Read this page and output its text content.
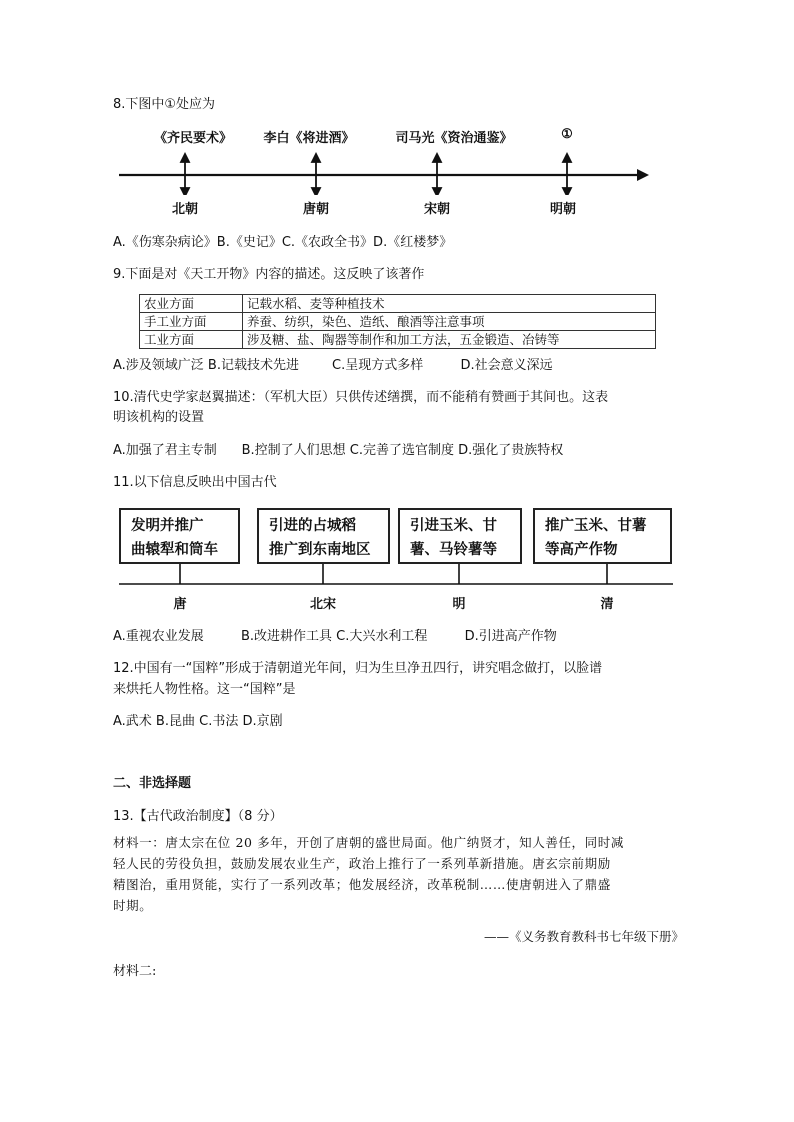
8.下图中①处应为
《齐民要术》 李白《将进酒》	司马光《资治通鉴》	①
北朝	唐朝	宋朝	明朝
A.《伤寒杂病论》B.《史记》C.《农政全书》D.《红楼梦》
9.下面是对《天工开物》内容的描述。这反映了该著作
农业方面	记载水稻、麦等种植技术
手工业方面	养蚕、纺织，染色、造纸、酿酒等注意事项
工业方面	涉及糖、盐、陶器等制作和加工方法，五金锻造、冶铸等
A.涉及领域广泛 B.记载技术先进        C.呈现方式多样         D.社会意义深远
10.清代史学家赵翼描述：（军机大臣）只供传述缮撰，而不能稍有赞画于其间也。这表
明该机构的设置
A.加强了君主专制      B.控制了人们思想 C.完善了选官制度 D.强化了贵族特权
11.以下信息反映出中国古代
发明并推广
曲辕犁和筒车
引进的占城稻
推广到东南地区
引进玉米、甘
薯、马铃薯等
推广玉米、甘薯
等高产作物
唐	北宋	明	清
A.重视农业发展         B.改进耕作工具 C.大兴水利工程         D.引进高产作物
12.中国有一“国粹”形成于清朝道光年间，归为生旦净丑四行，讲究唱念做打，以脸谱
来烘托人物性格。这一“国粹”是
A.武术 B.昆曲 C.书法 D.京剧
二、非选择题
13.【古代政治制度】（8 分）
材料一：唐太宗在位 20 多年，开创了唐朝的盛世局面。他广纳贤才，知人善任，同时减
轻人民的劳役负担，鼓励发展农业生产，政治上推行了一系列革新措施。唐玄宗前期励
精图治，重用贤能，实行了一系列改革；他发展经济，改革税制……使唐朝进入了鼎盛
时期。
——《义务教育教科书七年级下册》
材料二:
